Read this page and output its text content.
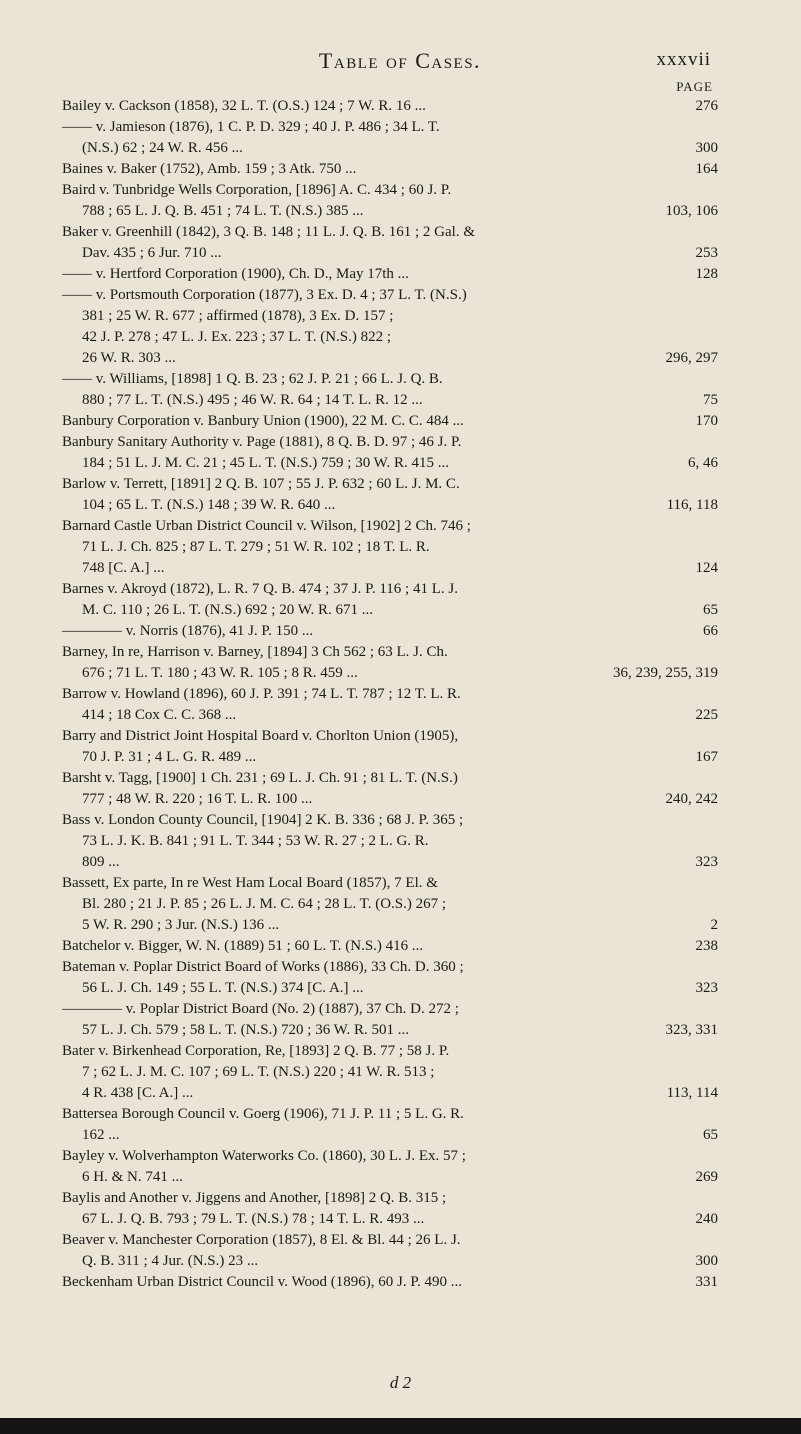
Table of Cases.	xxxvii
PAGE
Bailey v. Cackson (1858), 32 L. T. (O.S.) 124 ; 7 W. R. 16 ...	276
—— v. Jamieson (1876), 1 C. P. D. 329 ; 40 J. P. 486 ; 34 L. T.
(N.S.) 62 ; 24 W. R. 456 ...	300
Baines v. Baker (1752), Amb. 159 ; 3 Atk. 750 ...	164
Baird v. Tunbridge Wells Corporation, [1896] A. C. 434 ; 60 J. P.
788 ; 65 L. J. Q. B. 451 ; 74 L. T. (N.S.) 385 ...	103, 106
Baker v. Greenhill (1842), 3 Q. B. 148 ; 11 L. J. Q. B. 161 ; 2 Gal. &
Dav. 435 ; 6 Jur. 710 ...	253
—— v. Hertford Corporation (1900), Ch. D., May 17th ...	128
—— v. Portsmouth Corporation (1877), 3 Ex. D. 4 ; 37 L. T. (N.S.)
381 ; 25 W. R. 677 ; affirmed (1878), 3 Ex. D. 157 ;
42 J. P. 278 ; 47 L. J. Ex. 223 ; 37 L. T. (N.S.) 822 ;
26 W. R. 303 ...	296, 297
—— v. Williams, [1898] 1 Q. B. 23 ; 62 J. P. 21 ; 66 L. J. Q. B.
880 ; 77 L. T. (N.S.) 495 ; 46 W. R. 64 ; 14 T. L. R. 12 ...	75
Banbury Corporation v. Banbury Union (1900), 22 M. C. C. 484 ...	170
Banbury Sanitary Authority v. Page (1881), 8 Q. B. D. 97 ; 46 J. P.
184 ; 51 L. J. M. C. 21 ; 45 L. T. (N.S.) 759 ; 30 W. R. 415 ...	6, 46
Barlow v. Terrett, [1891] 2 Q. B. 107 ; 55 J. P. 632 ; 60 L. J. M. C.
104 ; 65 L. T. (N.S.) 148 ; 39 W. R. 640 ...	116, 118
Barnard Castle Urban District Council v. Wilson, [1902] 2 Ch. 746 ;
71 L. J. Ch. 825 ; 87 L. T. 279 ; 51 W. R. 102 ; 18 T. L. R.
748 [C. A.] ...	124
Barnes v. Akroyd (1872), L. R. 7 Q. B. 474 ; 37 J. P. 116 ; 41 L. J.
M. C. 110 ; 26 L. T. (N.S.) 692 ; 20 W. R. 671 ...	65
———— v. Norris (1876), 41 J. P. 150 ...	66
Barney, In re, Harrison v. Barney, [1894] 3 Ch 562 ; 63 L. J. Ch.
676 ; 71 L. T. 180 ; 43 W. R. 105 ; 8 R. 459 ...	36, 239, 255, 319
Barrow v. Howland (1896), 60 J. P. 391 ; 74 L. T. 787 ; 12 T. L. R.
414 ; 18 Cox C. C. 368 ...	225
Barry and District Joint Hospital Board v. Chorlton Union (1905),
70 J. P. 31 ; 4 L. G. R. 489 ...	167
Barsht v. Tagg, [1900] 1 Ch. 231 ; 69 L. J. Ch. 91 ; 81 L. T. (N.S.)
777 ; 48 W. R. 220 ; 16 T. L. R. 100 ...	240, 242
Bass v. London County Council, [1904] 2 K. B. 336 ; 68 J. P. 365 ;
73 L. J. K. B. 841 ; 91 L. T. 344 ; 53 W. R. 27 ; 2 L. G. R.
809 ...	323
Bassett, Ex parte, In re West Ham Local Board (1857), 7 El. &
Bl. 280 ; 21 J. P. 85 ; 26 L. J. M. C. 64 ; 28 L. T. (O.S.) 267 ;
5 W. R. 290 ; 3 Jur. (N.S.) 136 ...	2
Batchelor v. Bigger, W. N. (1889) 51 ; 60 L. T. (N.S.) 416 ...	238
Bateman v. Poplar District Board of Works (1886), 33 Ch. D. 360 ;
56 L. J. Ch. 149 ; 55 L. T. (N.S.) 374 [C. A.] ...	323
———— v. Poplar District Board (No. 2) (1887), 37 Ch. D. 272 ;
57 L. J. Ch. 579 ; 58 L. T. (N.S.) 720 ; 36 W. R. 501 ...	323, 331
Bater v. Birkenhead Corporation, Re, [1893] 2 Q. B. 77 ; 58 J. P.
7 ; 62 L. J. M. C. 107 ; 69 L. T. (N.S.) 220 ; 41 W. R. 513 ;
4 R. 438 [C. A.] ...	113, 114
Battersea Borough Council v. Goerg (1906), 71 J. P. 11 ; 5 L. G. R.
162 ...	65
Bayley v. Wolverhampton Waterworks Co. (1860), 30 L. J. Ex. 57 ;
6 H. & N. 741 ...	269
Baylis and Another v. Jiggens and Another, [1898] 2 Q. B. 315 ;
67 L. J. Q. B. 793 ; 79 L. T. (N.S.) 78 ; 14 T. L. R. 493 ...	240
Beaver v. Manchester Corporation (1857), 8 El. & Bl. 44 ; 26 L. J.
Q. B. 311 ; 4 Jur. (N.S.) 23 ...	300
Beckenham Urban District Council v. Wood (1896), 60 J. P. 490 ...	331
d 2
